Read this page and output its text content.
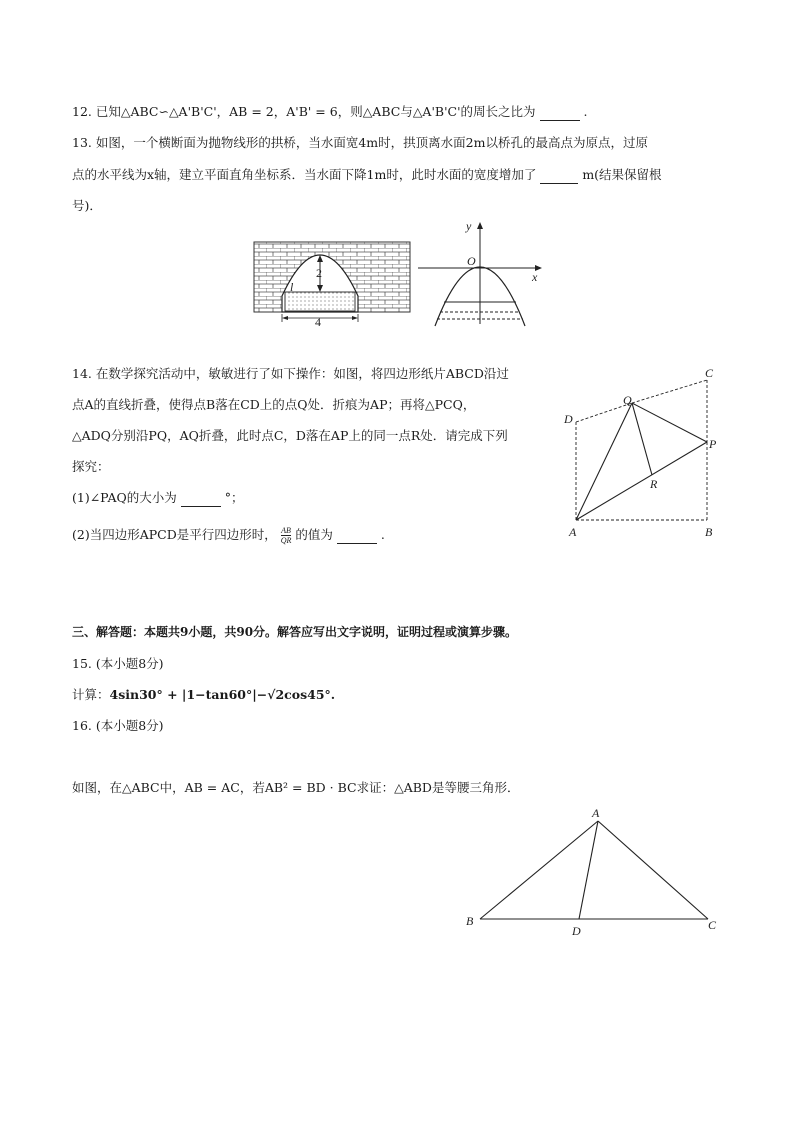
12. 已知△ABC∽△A'B'C'，AB = 2，A'B' = 6，则△ABC与△A'B'C'的周长之比为	.
13. 如图，一个横断面为抛物线形的拱桥，当水面宽4m时，拱顶离水面2m以桥孔的最高点为原点，过原
点的水平线为x轴，建立平面直角坐标系．当水面下降1m时，此时水面的宽度增加了	m(结果保留根
号)．
2
l
4
y
O
x
14. 在数学探究活动中，敏敏进行了如下操作：如图，将四边形纸片ABCD沿过
点A的直线折叠，使得点B落在CD上的点Q处．折痕为AP；再将△PCQ，
△ADQ分别沿PQ，AQ折叠，此时点C，D落在AP上的同一点R处．请完成下列
探究：
(1)∠PAQ的大小为	°；
(2)当四边形APCD是平行四边形时， $\frac{AB}{QR}$ 的值为	.
C
Q
D
P
R
A	B
三、解答题：本题共9小题，共90分。解答应写出文字说明，证明过程或演算步骤。
15. (本小题8分)
计算：4sin30° + |1−tan60°|−√2cos45°.
16. (本小题8分)
如图，在△ABC中，AB = AC，若AB² = BD · BC求证：△ABD是等腰三角形．
A
B	C
D
